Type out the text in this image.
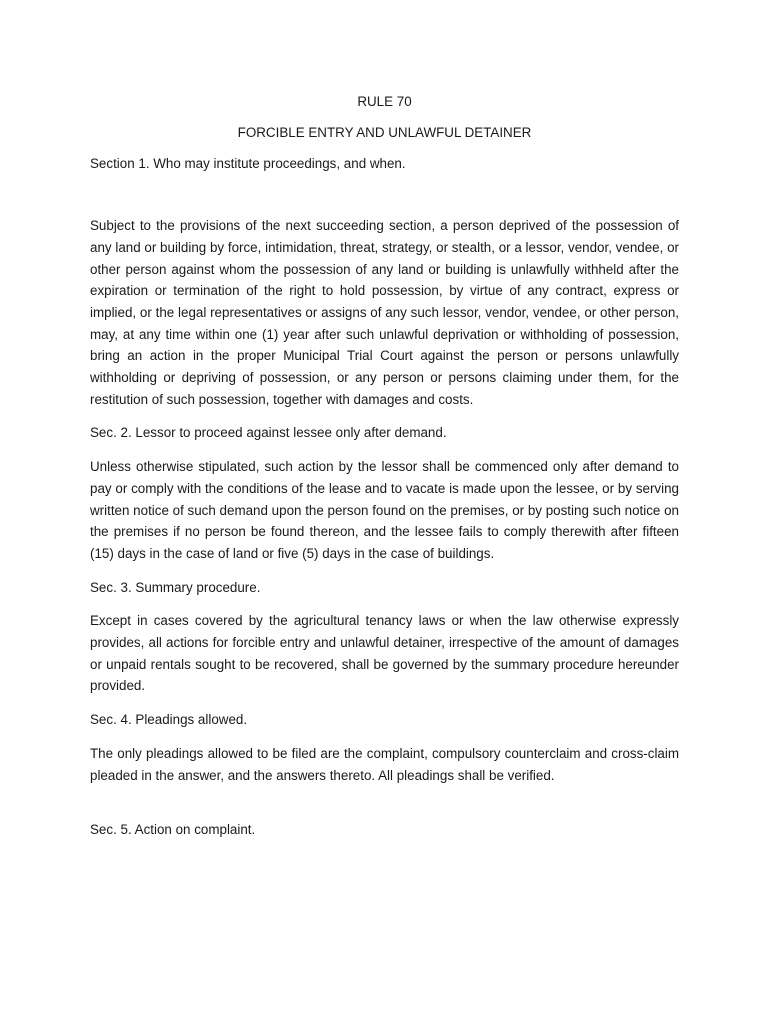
RULE 70
FORCIBLE ENTRY AND UNLAWFUL DETAINER

Section 1. Who may institute proceedings, and when.

Subject to the provisions of the next succeeding section, a person deprived of the possession of any land or building by force, intimidation, threat, strategy, or stealth, or a lessor, vendor, vendee, or other person against whom the possession of any land or building is unlawfully withheld after the expiration or termination of the right to hold possession, by virtue of any contract, express or implied, or the legal representatives or assigns of any such lessor, vendor, vendee, or other person, may, at any time within one (1) year after such unlawful deprivation or withholding of possession, bring an action in the proper Municipal Trial Court against the person or persons unlawfully withholding or depriving of possession, or any person or persons claiming under them, for the restitution of such possession, together with damages and costs.

Sec. 2. Lessor to proceed against lessee only after demand.

Unless otherwise stipulated, such action by the lessor shall be commenced only after demand to pay or comply with the conditions of the lease and to vacate is made upon the lessee, or by serving written notice of such demand upon the person found on the premises, or by posting such notice on the premises if no person be found thereon, and the lessee fails to comply therewith after fifteen (15) days in the case of land or five (5) days in the case of buildings.

Sec. 3. Summary procedure.

Except in cases covered by the agricultural tenancy laws or when the law otherwise expressly provides, all actions for forcible entry and unlawful detainer, irrespective of the amount of damages or unpaid rentals sought to be recovered, shall be governed by the summary procedure hereunder provided.

Sec. 4. Pleadings allowed.

The only pleadings allowed to be filed are the complaint, compulsory counterclaim and cross-claim pleaded in the answer, and the answers thereto. All pleadings shall be verified.

Sec. 5. Action on complaint.
